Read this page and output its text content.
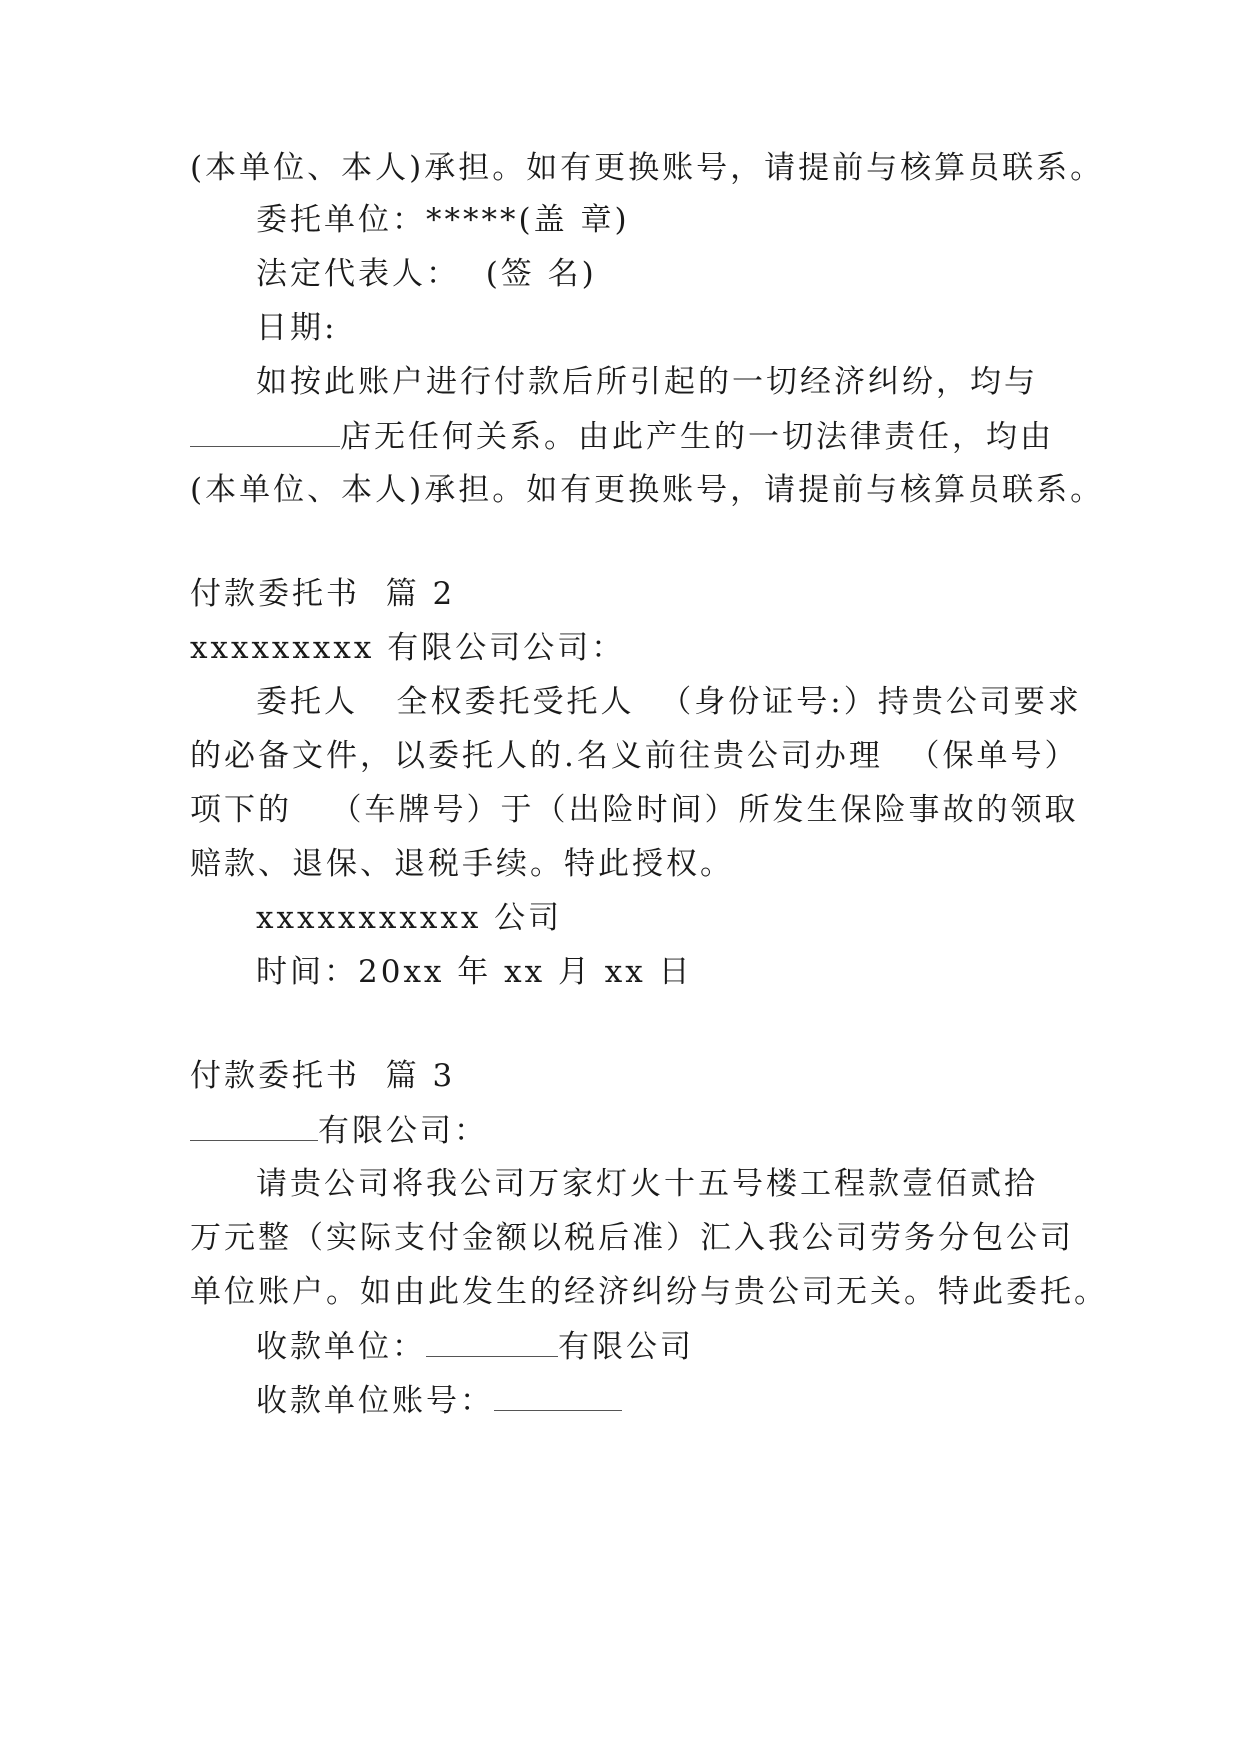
(本单位、本人)承担。如有更换账号，请提前与核算员联系。
委托单位：*****(盖 章)
法定代表人：  (签 名)
日期:
如按此账户进行付款后所引起的一切经济纠纷，均与
店无任何关系。由此产生的一切法律责任，均由
(本单位、本人)承担。如有更换账号，请提前与核算员联系。
付款委托书  篇 2
xxxxxxxxx 有限公司公司：
委托人   全权委托受托人  （身份证号:）持贵公司要求
的必备文件，以委托人的.名义前往贵公司办理  （保单号）
项下的   （车牌号）于（出险时间）所发生保险事故的领取
赔款、退保、退税手续。特此授权。
xxxxxxxxxxx 公司
时间：20xx 年 xx 月 xx 日
付款委托书  篇 3
有限公司：
请贵公司将我公司万家灯火十五号楼工程款壹佰贰拾
万元整（实际支付金额以税后准）汇入我公司劳务分包公司
单位账户。如由此发生的经济纠纷与贵公司无关。特此委托。
收款单位：	有限公司
收款单位账号：
